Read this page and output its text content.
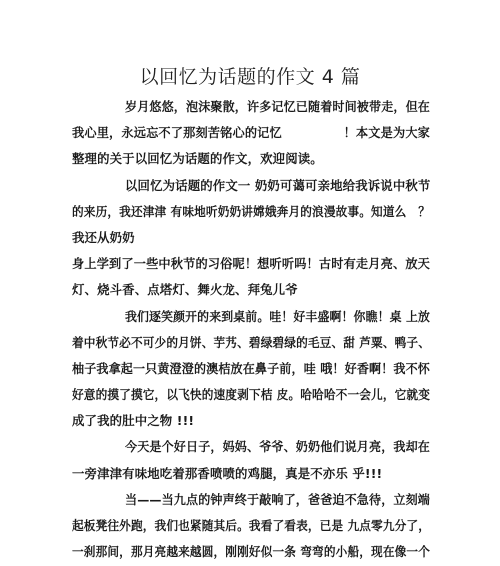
以回忆为话题的作文 4 篇
岁月悠悠，泡沫聚散，许多记忆已随着时间被带走，但在
我心里，永远忘不了那刻苦铭心的记忆　　　　　！本文是为大家
整理的关于以回忆为话题的作文，欢迎阅读。
以回忆为话题的作文一 奶奶可蔼可亲地给我诉说中秋节
的来历，我还津津 有味地听奶奶讲嫦娥奔月的浪漫故事。知道么　？
我还从奶奶
身上学到了一些中秋节的习俗呢！想听听吗！古时有走月亮、放天
灯、烧斗香、点塔灯、舞火龙、拜兔儿爷
我们逐笑颜开的来到桌前。哇！好丰盛啊！你瞧！桌 上放
着中秋节必不可少的月饼、芋艿、碧绿碧绿的毛豆、甜 芦粟、鸭子、
柚子我拿起一只黄澄澄的澳桔放在鼻子前，哇 哦！好香啊！我不怀
好意的摸了摸它，以飞快的速度剥下桔 皮。哈哈哈不一会儿，它就变
成了我的肚中之物 !!!
今天是个好日子，妈妈、爷爷、奶奶他们说月亮，我却在
一旁津津有味地吃着那香喷喷的鸡腿，真是不亦乐 乎!!!
当——当九点的钟声终于敲响了，爸爸迫不急待，立刻端
起板凳往外跑，我们也紧随其后。我看了看表，已是 九点零九分了，
一刹那间，那月亮越来越圆，刚刚好似一条 弯弯的小船，现在像一个
